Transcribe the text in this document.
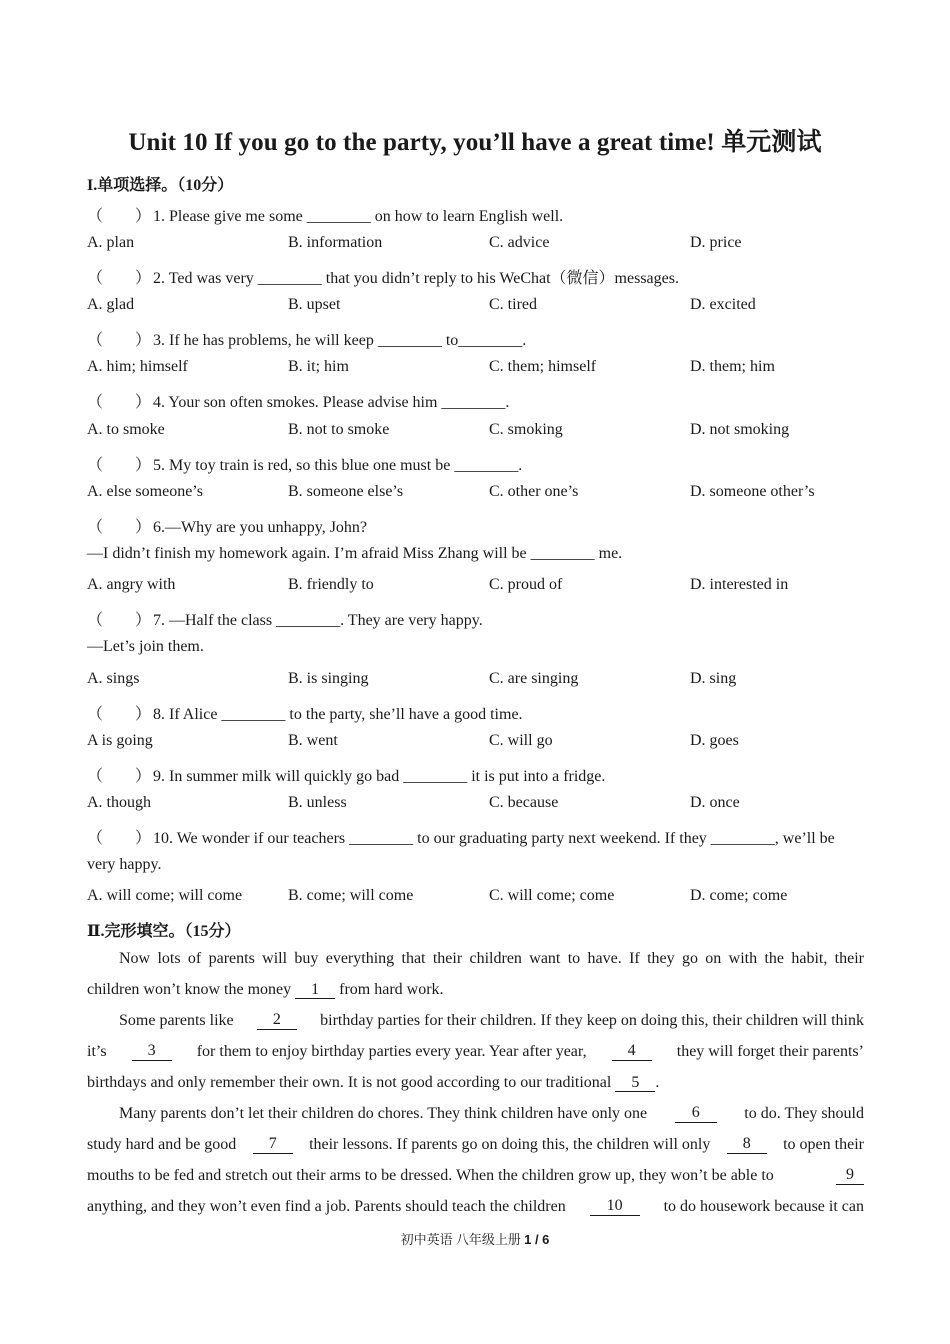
Unit 10 If you go to the party, you’ll have a great time! 单元测试
I.单项选择。（10分）
（　　） 1. Please give me some ________ on how to learn English well.
A. plan	B. information	C. advice	D. price
（　　） 2. Ted was very ________ that you didn’t reply to his WeChat（微信）messages.
A. glad	B. upset	C. tired	D. excited
（　　） 3. If he has problems, he will keep ________ to________.
A. him; himself	B. it; him	C. them; himself	D. them; him
（　　） 4. Your son often smokes. Please advise him ________.
A. to smoke	B. not to smoke	C. smoking	D. not smoking
（　　） 5. My toy train is red, so this blue one must be ________.
A. else someone’s	B. someone else’s	C. other one’s	D. someone other’s
（　　） 6.—Why are you unhappy, John?
—I didn’t finish my homework again. I’m afraid Miss Zhang will be ________ me.
A. angry with	B. friendly to	C. proud of	D. interested in
（　　） 7. —Half the class ________. They are very happy.
—Let’s join them.
A. sings	B. is singing	C. are singing	D. sing
（　　） 8. If Alice ________ to the party, she’ll have a good time.
A is going	B. went	C. will go	D. goes
（　　） 9. In summer milk will quickly go bad ________ it is put into a fridge.
A. though	B. unless	C. because	D. once
（　　） 10. We wonder if our teachers ________ to our graduating party next weekend. If they ________, we’ll be
very happy.
A. will come; will come	B. come; will come	C. will come; come	D. come; come
Ⅱ.完形填空。（15分）
Now lots of parents will buy everything that their children want to have. If they go on with the habit, their
children won’t know the money 1 from hard work.
Some parents like	2	birthday parties for their children. If they keep on doing this, their children will think
it’s	3	for them to enjoy birthday parties every year. Year after year,	4	they will forget their parents’
birthdays and only remember their own. It is not good according to our traditional 5 .
Many parents don’t let their children do chores. They think children have only one	6	to do. They should
study hard and be good	7	their lessons. If parents go on doing this, the children will only	8	to open their
mouths to be fed and stretch out their arms to be dressed. When the children grow up, they won’t be able to	9
anything, and they won’t even find a job. Parents should teach the children	10	to do housework because it can
初中英语 八年级上册 1 / 6
